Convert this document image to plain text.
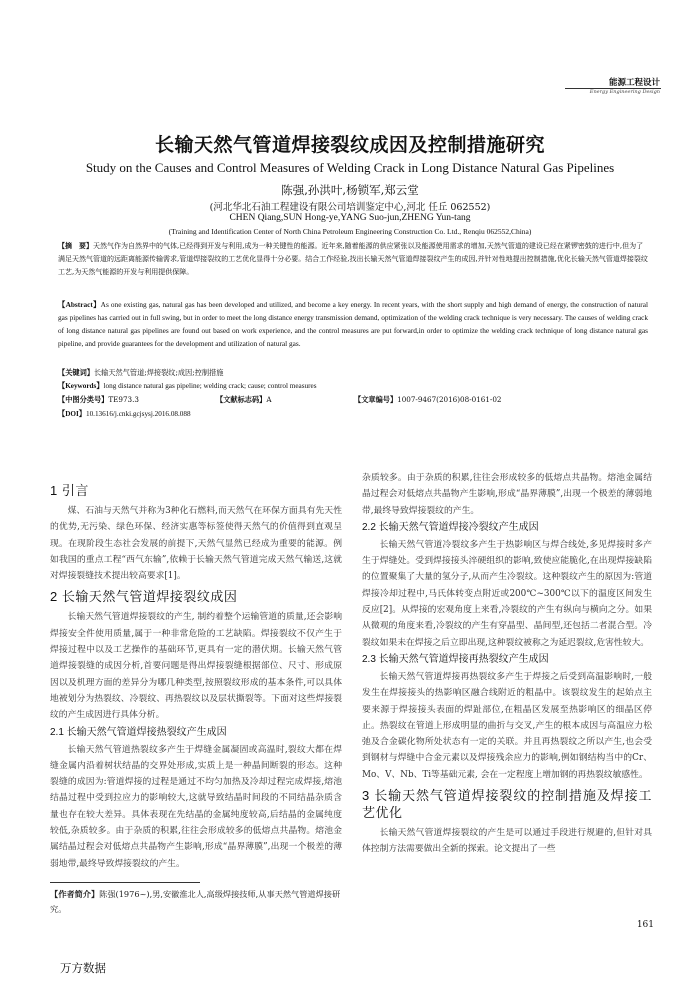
能源工程设计
Energy Engineering Design
长输天然气管道焊接裂纹成因及控制措施研究
Study on the Causes and Control Measures of Welding Crack in Long Distance Natural Gas Pipelines
陈强,孙洪叶,杨锁军,郑云堂
(河北华北石油工程建设有限公司培训鉴定中心,河北 任丘 062552)
CHEN Qiang,SUN Hong-ye,YANG Suo-jun,ZHENG Yun-tang
(Training and Identification Center of North China Petroleum Engineering Construction Co. Ltd., Renqiu 062552,China)
【摘　要】天然气作为自然界中的气体,已经得到开发与利用,成为一种关键性的能源。近年来,随着能源的供应紧张以及能源使用需求的增加,天然气管道的建设已经在紧锣密鼓的进行中,但为了满足天然气管道的远距离能源传输需求,管道焊接裂纹的工艺优化显得十分必要。结合工作经验,找出长输天然气管道焊接裂纹产生的成因,并针对性地提出控制措施,优化长输天然气管道焊接裂纹工艺,为天然气能源的开发与利用提供保障。
【Abstract】As one existing gas, natural gas has been developed and utilized, and become a key energy. In recent years, with the short supply and high demand of energy, the construction of natural gas pipelines has carried out in full swing, but in order to meet the long distance energy transmission demand, optimization of the welding crack technique is very necessary. The causes of welding crack of long distance natural gas pipelines are found out based on work experience, and the control measures are put forward,in order to optimize the welding crack technique of long distance natural gas pipeline, and provide guarantees for the development and utilization of natural gas.
【关键词】长输天然气管道;焊接裂纹;成因;控制措施
【Keywords】long distance natural gas pipeline; welding crack; cause; control measures
【中图分类号】TE973.3	【文献标志码】A	【文章编号】1007-9467(2016)08-0161-02
【DOI】10.13616/j.cnki.gcjsysj.2016.08.088
1 引言

煤、石油与天然气并称为3种化石燃料,而天然气在环保方面具有先天性的优势,无污染、绿色环保、经济实惠等标签使得天然气的价值得到直观呈现。在现阶段生态社会发展的前提下,天然气显然已经成为重要的能源。例如我国的重点工程“西气东输”,依赖于长输天然气管道完成天然气输送,这就对焊接裂缝技术提出较高要求[1]。

2 长输天然气管道焊接裂纹成因

长输天然气管道焊接裂纹的产生, 制约着整个运输管道的质量,还会影响焊接安全件使用质量,属于一种非常危险的工艺缺陷。焊接裂纹不仅产生于焊接过程中以及工艺操作的基础环节,更具有一定的潜伏期。长输天然气管道焊接裂缝的成因分析,首要问题是得出焊接裂缝根据部位、尺寸、形成原因以及机理方面的差异分为哪几种类型,按照裂纹形成的基本条件,可以具体地被划分为热裂纹、冷裂纹、再热裂纹以及层状撕裂等。下面对这些焊接裂纹的产生成因进行具体分析。

2.1 长输天然气管道焊接热裂纹产生成因

长输天然气管道热裂纹多产生于焊缝金属凝固或高温时,裂纹大都在焊缝金属内沿着树状结晶的交界处形成,实质上是一种晶间断裂的形态。这种裂缝的成因为:管道焊接的过程是通过不均匀加热及冷却过程完成焊接,熔池结晶过程中受到拉应力的影响较大,这就导致结晶时间段的不同结晶杂质含量也存在较大差异。具体表现在先结晶的金属纯度较高,后结晶的金属纯度较低,杂质较多。由于杂质的积累,往往会形成较多的低熔点共晶物。熔池金属结晶过程会对低熔点共晶物产生影响,形成“晶界薄膜”,出现一个极差的薄弱地带,最终导致焊接裂纹的产生。

杂质较多。由于杂质的积累,往往会形成较多的低熔点共晶物。熔池金属结晶过程会对低熔点共晶物产生影响,形成“晶界薄膜”,出现一个极差的薄弱地带,最终导致焊接裂纹的产生。

2.2 长输天然气管道焊接冷裂纹产生成因

长输天然气管道冷裂纹多产生于热影响区与焊合线处,多见焊接时多产生于焊缝处。受到焊接接头淬硬组织的影响,致使应能脆化,在出现焊接缺陷的位置聚集了大量的氢分子,从而产生冷裂纹。这种裂纹产生的原因为:管道焊接冷却过程中,马氏体转变点附近或200℃~300℃以下的温度区间发生反应[2]。从焊接的宏观角度上来看,冷裂纹的产生有纵向与横向之分。如果从微观的角度来看,冷裂纹的产生有穿晶型、晶间型,还包括二者混合型。冷裂纹如果未在焊接之后立即出现,这种裂纹被称之为延迟裂纹,危害性较大。

2.3 长输天然气管道焊接再热裂纹产生成因

长输天然气管道焊接再热裂纹多产生于焊接之后受到高温影响时,一般发生在焊接接头的热影响区融合线附近的粗晶中。该裂纹发生的起始点主要来源于焊接接头表面的焊趾部位,在粗晶区发展至热影响区的细晶区停止。热裂纹在管道上形成明显的曲折与交叉,产生的根本成因与高温应力松弛及合金碳化物所处状态有一定的关联。并且再热裂纹之所以产生,也会受到钢材与焊缝中合金元素以及焊接残余应力的影响,例如钢结构当中的Cr、Mo、V、Nb、Ti等基础元素, 会在一定程度上增加钢的再热裂纹敏感性。

3 长输天然气管道焊接裂纹的控制措施及焊接工艺优化

长输天然气管道焊接裂纹的产生是可以通过手段进行规避的,但针对具体控制方法需要做出全新的探索。论文提出了一些

【作者简介】陈强(1976~),男,安徽淮北人,高级焊接技师,从事天然气管道焊接研究。
161
万方数据
